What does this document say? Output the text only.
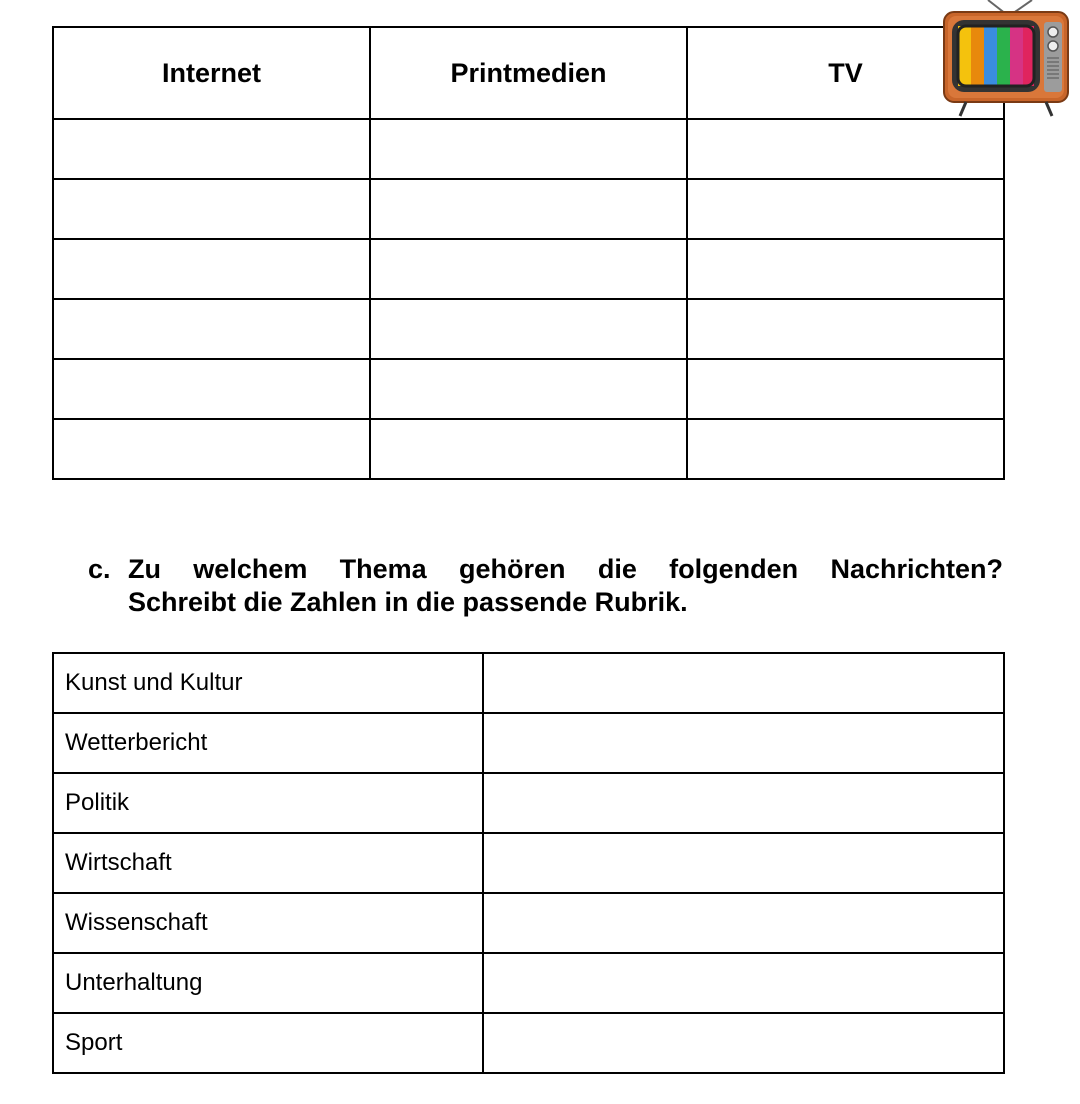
Internet	Printmedien	TV

c. Zu welchem Thema gehören die folgenden Nachrichten?
Schreibt die Zahlen in die passende Rubrik.
Kunst und Kultur	
Wetterbericht	
Politik	
Wirtschaft	
Wissenschaft	
Unterhaltung	
Sport	
